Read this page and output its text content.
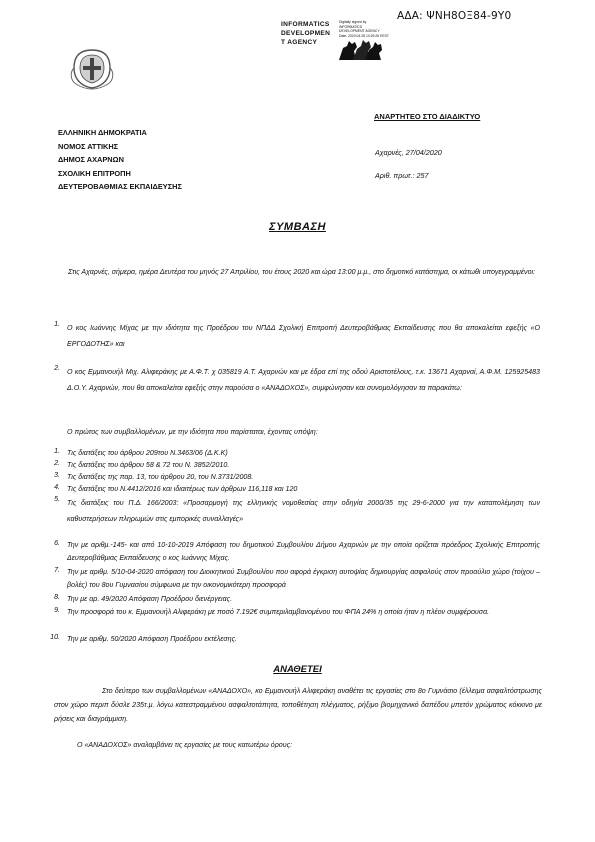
ΑΔΑ: ΨΝΗ8ΟΞ84-9Υ0
INFORMATICS
DEVELOPMEN
T AGENCY
Digitally signed by
INFORMATICS
DEVELOPMENT AGENCY
Date: 2020.04.28 10:25:26 EEST
ΑΝΑΡΤΗΤΕΟ ΣΤΟ ΔΙΑΔΙΚΤΥΟ
ΕΛΛΗΝΙΚΗ ΔΗΜΟΚΡΑΤΙΑ
ΝΟΜΟΣ ΑΤΤΙΚΗΣ
ΔΗΜΟΣ ΑΧΑΡΝΩΝ
ΣΧΟΛΙΚΗ ΕΠΙΤΡΟΠΗ
ΔΕΥΤΕΡΟΒΑΘΜΙΑΣ ΕΚΠΑΙΔΕΥΣΗΣ
Αχαρνές, 27/04/2020
Αριθ. πρωτ.: 257
ΣΥΜΒΑΣΗ
Στις Αχαρνές, σήμερα, ημέρα Δευτέρα του μηνός 27 Απριλίου, του έτους 2020 και ώρα 13:00 μ.μ., στο δημοτικό κατάστημα, οι κάτωθι υπογεγραμμένοι:
1. Ο κος Ιωάννης Μίχας με την ιδιότητα της Προέδρου του ΝΠΔΔ Σχολική Επιτροπή Δευτεροβάθμιας Εκπαίδευσης που θα αποκαλείται εφεξής «Ο ΕΡΓΟΔΟΤΗΣ» και
2. Ο κος Εμμανουήλ Μιχ. Αλιφεράκης με Α.Φ.Τ. χ 035819 Α.Τ. Αχαρνών και με έδρα επί της οδού Αριστοτέλους, τ.κ. 13671 Αχαρναί, Α.Φ.Μ. 125925483 Δ.Ο.Υ. Αχαρνών, που θα αποκαλείται εφεξής στην παρούσα ο «ΑΝΑΔΟΧΟΣ», συμφώνησαν και συνομολόγησαν τα παρακάτω:
Ο πρώτος των συμβαλλομένων, με την ιδιότητα που παρίσταται, έχοντας υπόψη:
1. Τις διατάξεις του άρθρου 209του Ν.3463/06 (Δ.Κ.Κ)
2. Τις διατάξεις του άρθρου 58 & 72 του Ν. 3852/2010.
3. Τις διατάξεις της παρ. 13, του άρθρου 20, του Ν.3731/2008.
4. Τις διατάξεις του Ν.4412/2016 και ιδιαιτέρως των άρθρων 116,118 και 120
5. Τις διατάξεις του Π.Δ. 166/2003: «Προσαρμογή της ελληνικής νομοθεσίας στην οδηγία 2000/35 της 29-6-2000 για την καταπολέμηση των καθυστερήσεων πληρωμών στις εμπορικές συναλλαγές»
6. Την με αριθμ.-145- και από 10-10-2019 Απόφαση του δημοτικού Συμβουλίου Δήμου Αχαρνών με την οποία ορίζεται πρόεδρος Σχολικής Επιτροπής Δευτεροβάθμιας Εκπαίδευσης ο κος Ιωάννης Μίχας.
7. Την με αριθμ. 5/10-04-2020 απόφαση του Διοικητικού Συμβουλίου που αφορά έγκριση αυτοψίας δημιουργίας ασφαλούς στον προαύλιο χώρο (τοίχου – βολές) του 8ου Γυμνασίου σύμφωνα με την οικονομικότερη προσφορά
8. Την με αρ. 49/2020 Απόφαση Προέδρου διενέργειας.
9. Την προσφορά του κ. Εμμανουήλ Αλιφεράκη με ποσό 7.192€ συμπεριλαμβανομένου του ΦΠΑ 24% η οποία ήταν η πλέον συμφέρουσα.
10. Την με αριθμ. 50/2020 Απόφαση Προέδρου εκτέλεσης.
ΑΝΑΘΕΤΕΙ
Στο δεύτερο των συμβαλλομένων «ΑΝΑΔΟΧΟ», κο Εμμανουήλ Αλιφεράκη αναθέτει τις εργασίες στο 8ο Γυμνάσιο (έλλειμα ασφαλτόστρωσης στον χώρο περιπ δύσλε 235τ.μ. λόγω κατεστραμμένου ασφαλτοτάπητα, τοποθέτηση πλέγματος, ρήξιμο βιομηχανικό δαπέδου μπετόν χρώματος κόκκινο με ρήσεις και διαγράμμιση.
Ο «ΑΝΑΔΟΧΟΣ» αναλαμβάνει τις εργασίες με τους κατωτέρω όρους:
